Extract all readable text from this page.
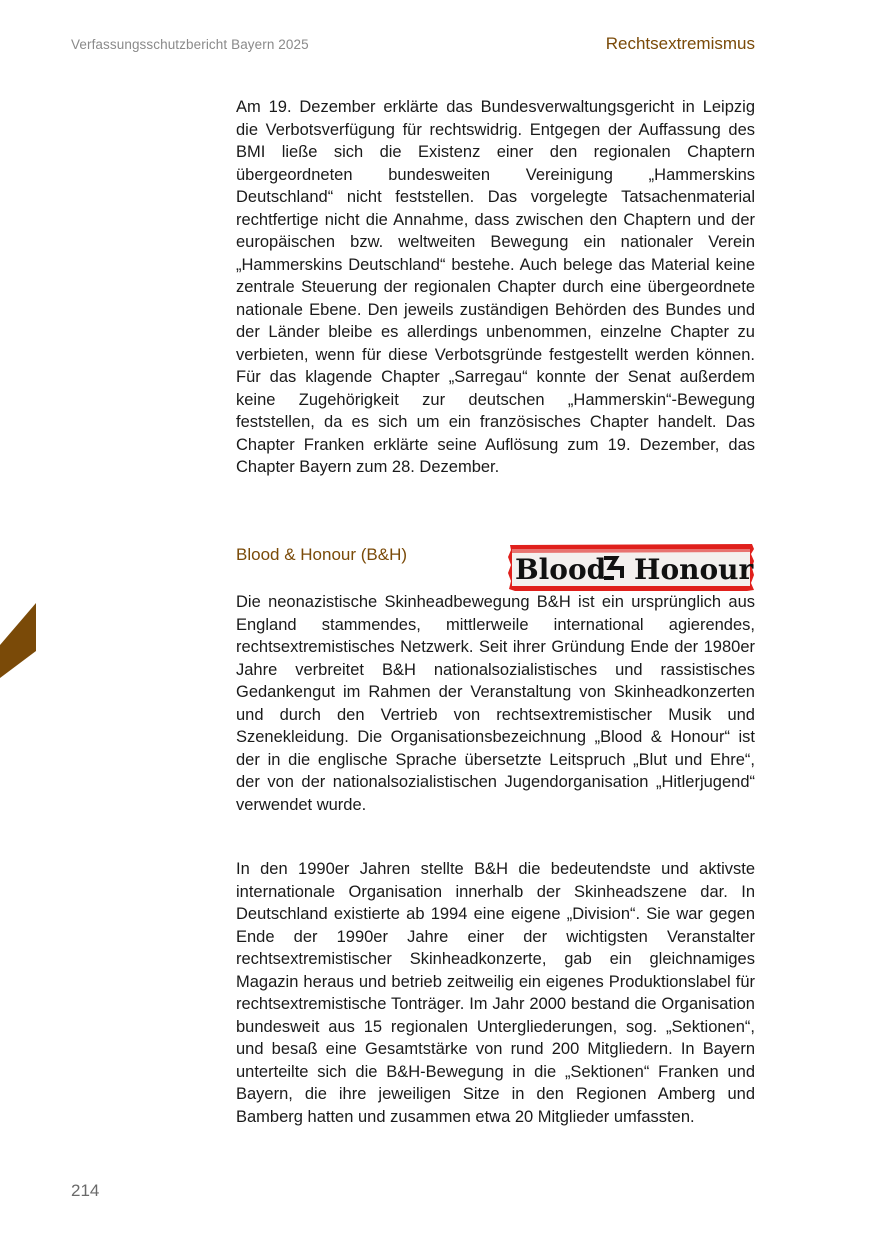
Verfassungsschutzbericht Bayern 2025	Rechtsextremismus

Am 19. Dezember erklärte das Bundesverwaltungsgericht in Leipzig die Verbotsverfügung für rechtswidrig. Entgegen der Auffassung des BMI ließe sich die Existenz einer den regionalen Chaptern übergeordneten bundesweiten Vereinigung „Hammerskins Deutschland“ nicht feststellen. Das vorgelegte Tatsachenmaterial rechtfertige nicht die Annahme, dass zwischen den Chaptern und der europäischen bzw. weltweiten Bewegung ein nationaler Verein „Hammerskins Deutschland“ bestehe. Auch belege das Material keine zentrale Steuerung der regionalen Chapter durch eine übergeordnete nationale Ebene. Den jeweils zuständigen Behörden des Bundes und der Länder bleibe es allerdings unbenommen, einzelne Chapter zu verbieten, wenn für diese Verbotsgründe festgestellt werden können. Für das klagende Chapter „Sarregau“ konnte der Senat außerdem keine Zugehörigkeit zur deutschen „Hammerskin“-Bewegung feststellen, da es sich um ein französisches Chapter handelt. Das Chapter Franken erklärte seine Auflösung zum 19. Dezember, das Chapter Bayern zum 28. Dezember.

Blood & Honour (B&H)	Blood Honour

Die neonazistische Skinheadbewegung B&H ist ein ursprünglich aus England stammendes, mittlerweile international agierendes, rechtsextremistisches Netzwerk. Seit ihrer Gründung Ende der 1980er Jahre verbreitet B&H nationalsozialistisches und rassistisches Gedankengut im Rahmen der Veranstaltung von Skinheadkonzerten und durch den Vertrieb von rechtsextremistischer Musik und Szenekleidung. Die Organisationsbezeichnung „Blood & Honour“ ist der in die englische Sprache übersetzte Leitspruch „Blut und Ehre“, der von der nationalsozialistischen Jugendorganisation „Hitlerjugend“ verwendet wurde.

In den 1990er Jahren stellte B&H die bedeutendste und aktivste internationale Organisation innerhalb der Skinheadszene dar. In Deutschland existierte ab 1994 eine eigene „Division“. Sie war gegen Ende der 1990er Jahre einer der wichtigsten Veranstalter rechtsextremistischer Skinheadkonzerte, gab ein gleichnamiges Magazin heraus und betrieb zeitweilig ein eigenes Produktionslabel für rechtsextremistische Tonträger. Im Jahr 2000 bestand die Organisation bundesweit aus 15 regionalen Untergliederungen, sog. „Sektionen“, und besaß eine Gesamtstärke von rund 200 Mitgliedern. In Bayern unterteilte sich die B&H-Bewegung in die „Sektionen“ Franken und Bayern, die ihre jeweiligen Sitze in den Regionen Amberg und Bamberg hatten und zusammen etwa 20 Mitglieder umfassten.

214
